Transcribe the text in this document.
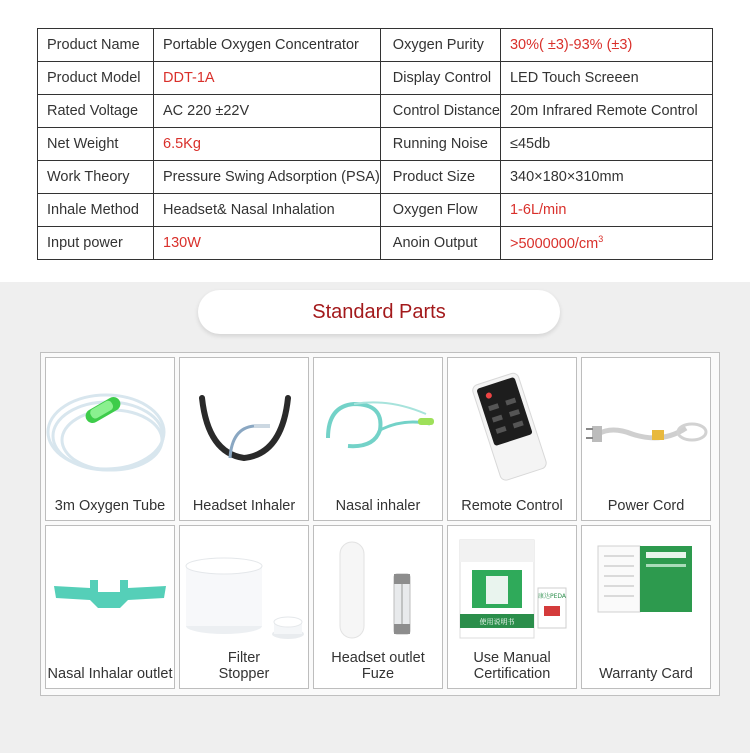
Product Name	Portable Oxygen Concentrator	Oxygen Purity	30%( ±3)-93% (±3)
Product Model	DDT-1A	Display Control	LED Touch Screeen
Rated Voltage	AC 220 ±22V	Control Distance	20m Infrared Remote Control
Net Weight	6.5Kg	Running Noise	≤45db
Work Theory	Pressure Swing Adsorption (PSA)	Product Size	340×180×310mm
Inhale Method	Headset& Nasal Inhalation	Oxygen Flow	1-6L/min
Input power	130W	Anoin Output	$>5000000/cm^3$
Standard Parts
3m Oxygen Tube	Headset Inhaler	Nasal inhaler	Remote Control	Power Cord
Nasal Inhalar outlet
Filter
Stopper
Headset outlet
Fuze
使用说明书
康达PEDA
Use Manual
Certification	Warranty Card
